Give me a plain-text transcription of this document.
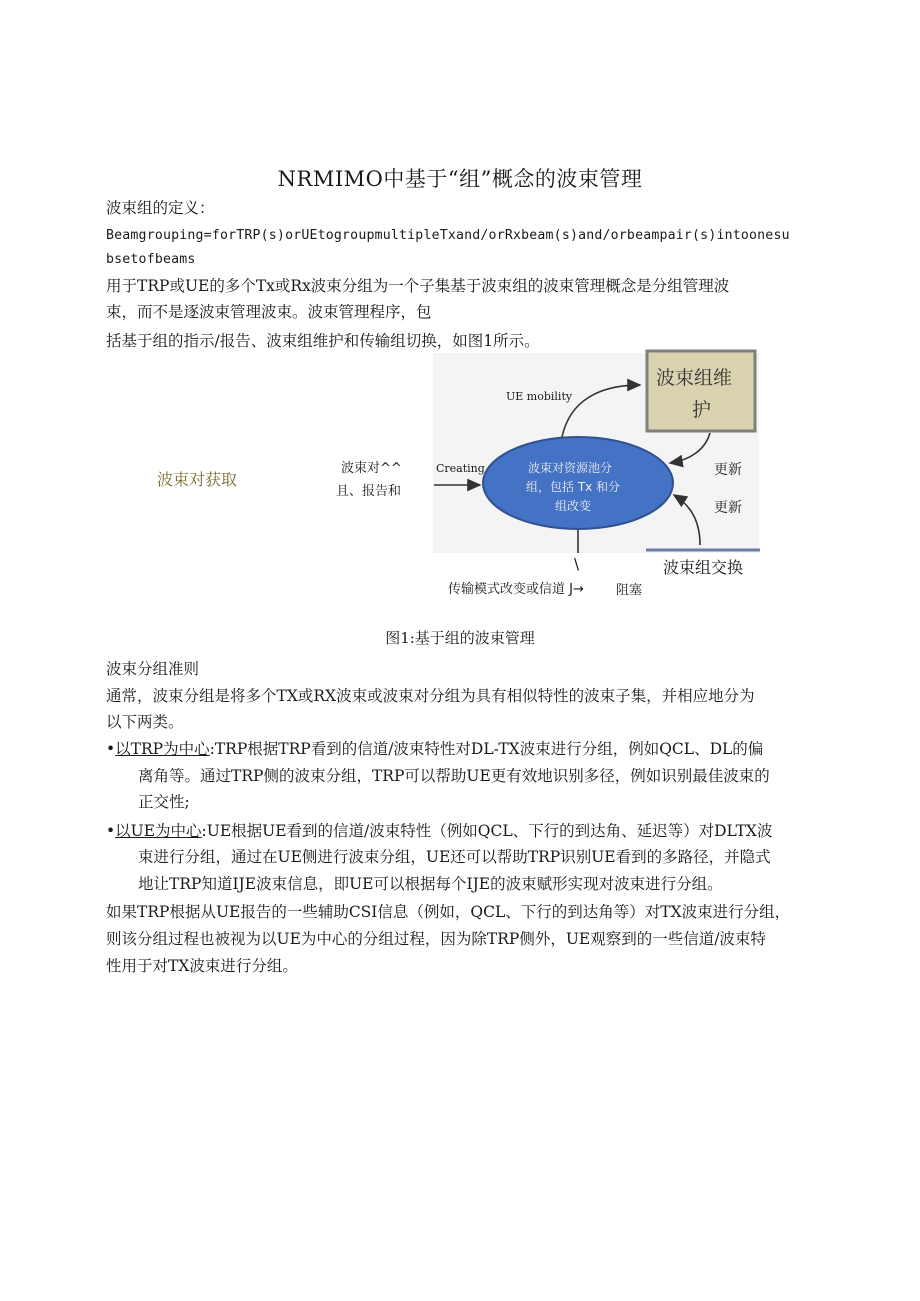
NRMIMO中基于“组”概念的波束管理
波束组的定义：
Beamgrouping=forTRP(s)orUEtogroupmultipleTxand/orRxbeam(s)and/orbeampair(s)intoonesu
bsetofbeams
用于TRP或UE的多个Tx或Rx波束分组为一个子集基于波束组的波束管理概念是分组管理波
束，而不是逐波束管理波束。波束管理程序，包
括基于组的指示/报告、波束组维护和传输组切换，如图1所示。
波束对获取
波束对^^
且、报告和
Creating
UE mobility
波束组维
护
波束对资源池分
组，包括 Tx 和分
组改变
更新
更新
波束组交换
\
传输模式改变或信道 J→ 阻塞
图1:基于组的波束管理
波束分组准则
通常，波束分组是将多个TX或RX波束或波束对分组为具有相似特性的波束子集，并相应地分为
以下两类。
•以TRP为中心:TRP根据TRP看到的信道/波束特性对DL-TX波束进行分组，例如QCL、DL的偏
离角等。通过TRP侧的波束分组，TRP可以帮助UE更有效地识别多径，例如识别最佳波束的
正交性;
•以UE为中心:UE根据UE看到的信道/波束特性（例如QCL、下行的到达角、延迟等）对DLTX波
束进行分组，通过在UE侧进行波束分组，UE还可以帮助TRP识别UE看到的多路径，并隐式
地让TRP知道IJE波束信息，即UE可以根据每个IJE的波束赋形实现对波束进行分组。
如果TRP根据从UE报告的一些辅助CSI信息（例如，QCL、下行的到达角等）对TX波束进行分组，
则该分组过程也被视为以UE为中心的分组过程，因为除TRP侧外，UE观察到的一些信道/波束特
性用于对TX波束进行分组。
